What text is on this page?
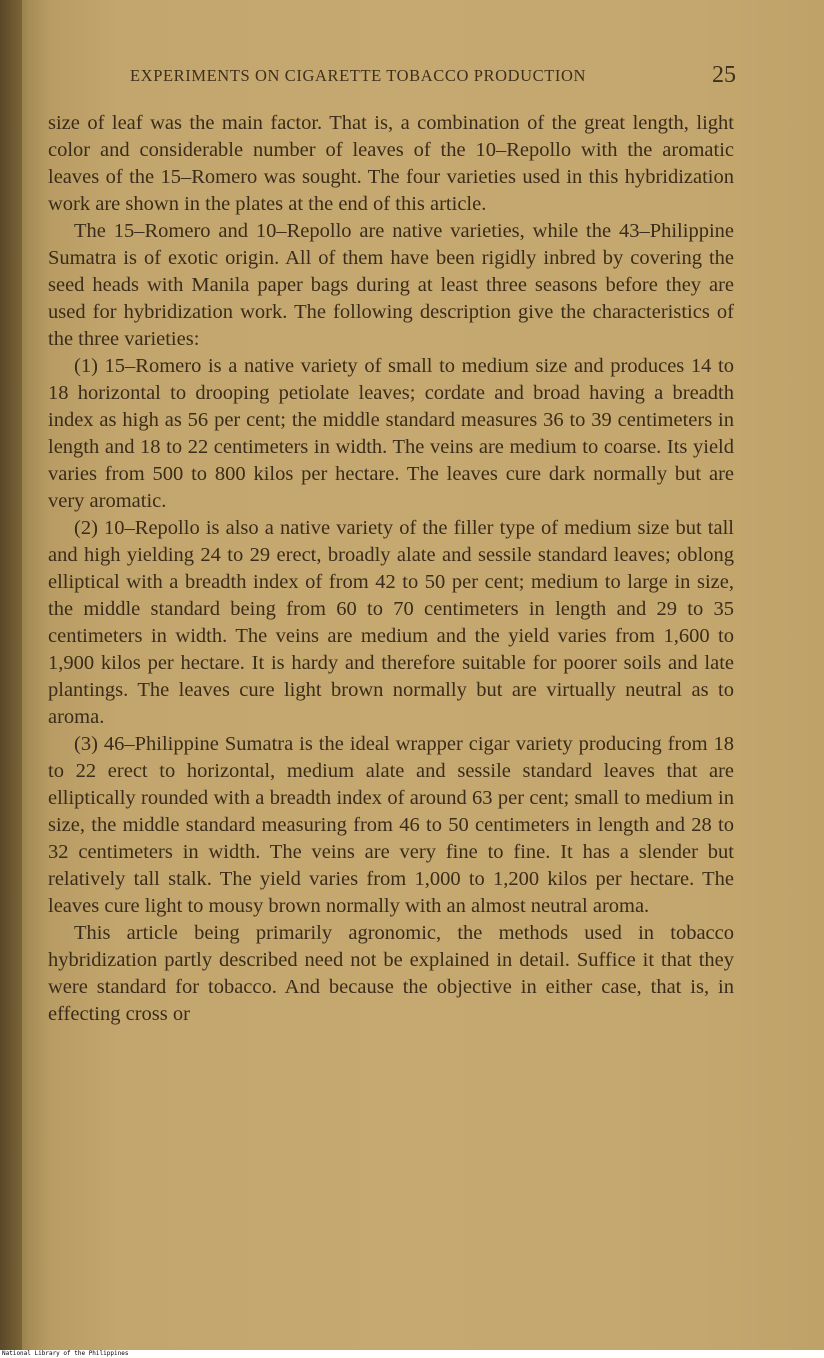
EXPERIMENTS ON CIGARETTE TOBACCO PRODUCTION	25

size of leaf was the main factor. That is, a combination of the great length, light color and considerable number of leaves of the 10–Repollo with the aromatic leaves of the 15–Romero was sought. The four varieties used in this hybridization work are shown in the plates at the end of this article.

The 15–Romero and 10–Repollo are native varieties, while the 43–Philippine Sumatra is of exotic origin. All of them have been rigidly inbred by covering the seed heads with Manila paper bags during at least three seasons before they are used for hybridization work. The following description give the characteristics of the three varieties:

(1) 15–Romero is a native variety of small to medium size and produces 14 to 18 horizontal to drooping petiolate leaves; cordate and broad having a breadth index as high as 56 per cent; the middle standard measures 36 to 39 centimeters in length and 18 to 22 centimeters in width. The veins are medium to coarse. Its yield varies from 500 to 800 kilos per hectare. The leaves cure dark normally but are very aromatic.

(2) 10–Repollo is also a native variety of the filler type of medium size but tall and high yielding 24 to 29 erect, broadly alate and sessile standard leaves; oblong elliptical with a breadth index of from 42 to 50 per cent; medium to large in size, the middle standard being from 60 to 70 centimeters in length and 29 to 35 centimeters in width. The veins are medium and the yield varies from 1,600 to 1,900 kilos per hectare. It is hardy and therefore suitable for poorer soils and late plantings. The leaves cure light brown normally but are virtually neutral as to aroma.

(3) 46–Philippine Sumatra is the ideal wrapper cigar variety producing from 18 to 22 erect to horizontal, medium alate and sessile standard leaves that are elliptically rounded with a breadth index of around 63 per cent; small to medium in size, the middle standard measuring from 46 to 50 centimeters in length and 28 to 32 centimeters in width. The veins are very fine to fine. It has a slender but relatively tall stalk. The yield varies from 1,000 to 1,200 kilos per hectare. The leaves cure light to mousy brown normally with an almost neutral aroma.

This article being primarily agronomic, the methods used in tobacco hybridization partly described need not be explained in detail. Suffice it that they were standard for tobacco. And because the objective in either case, that is, in effecting cross or

National Library of the Philippines
